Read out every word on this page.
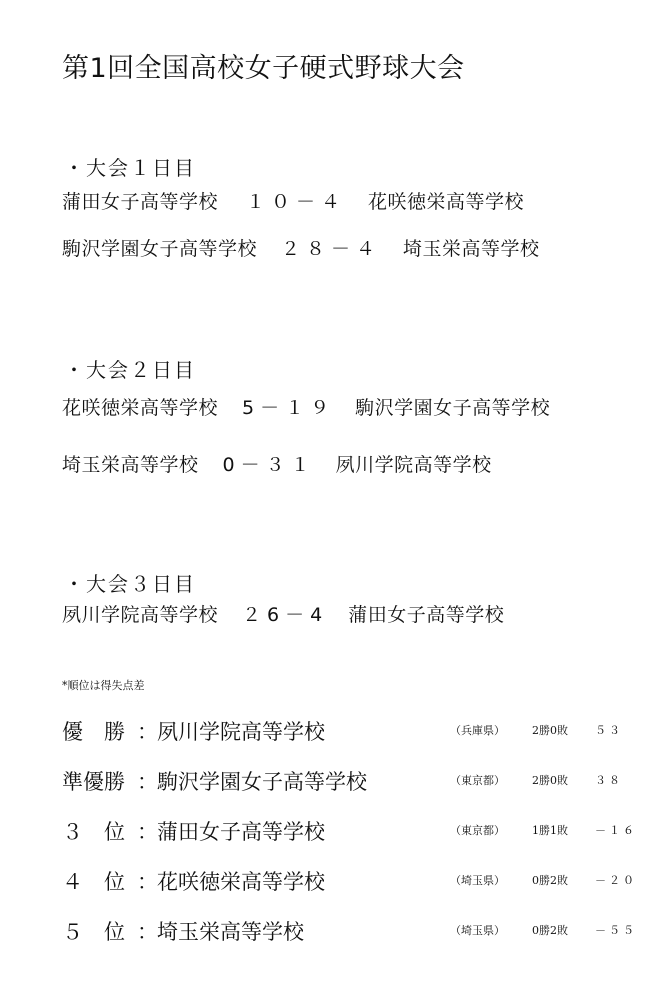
第1回全国高校女子硬式野球大会
・大会１日目
蒲田女子高等学校 １０－４ 花咲徳栄高等学校
駒沢学園女子高等学校 ２８－４ 埼玉栄高等学校
・大会２日目
花咲徳栄高等学校 5－１９ 駒沢学園女子高等学校
埼玉栄高等学校 0－３１ 夙川学院高等学校
・大会３日目
夙川学院高等学校 ２6－4 蒲田女子高等学校
*順位は得失点差
優　勝 ： 夙川学院高等学校	（兵庫県） 2勝0敗 ５３
準優勝 ： 駒沢学園女子高等学校	（東京都） 2勝0敗 ３８
３　位 ： 蒲田女子高等学校	（東京都） 1勝1敗 －１６
４　位 ： 花咲徳栄高等学校	（埼玉県） 0勝2敗 －２０
５　位 ： 埼玉栄高等学校	（埼玉県） 0勝2敗 －５５
